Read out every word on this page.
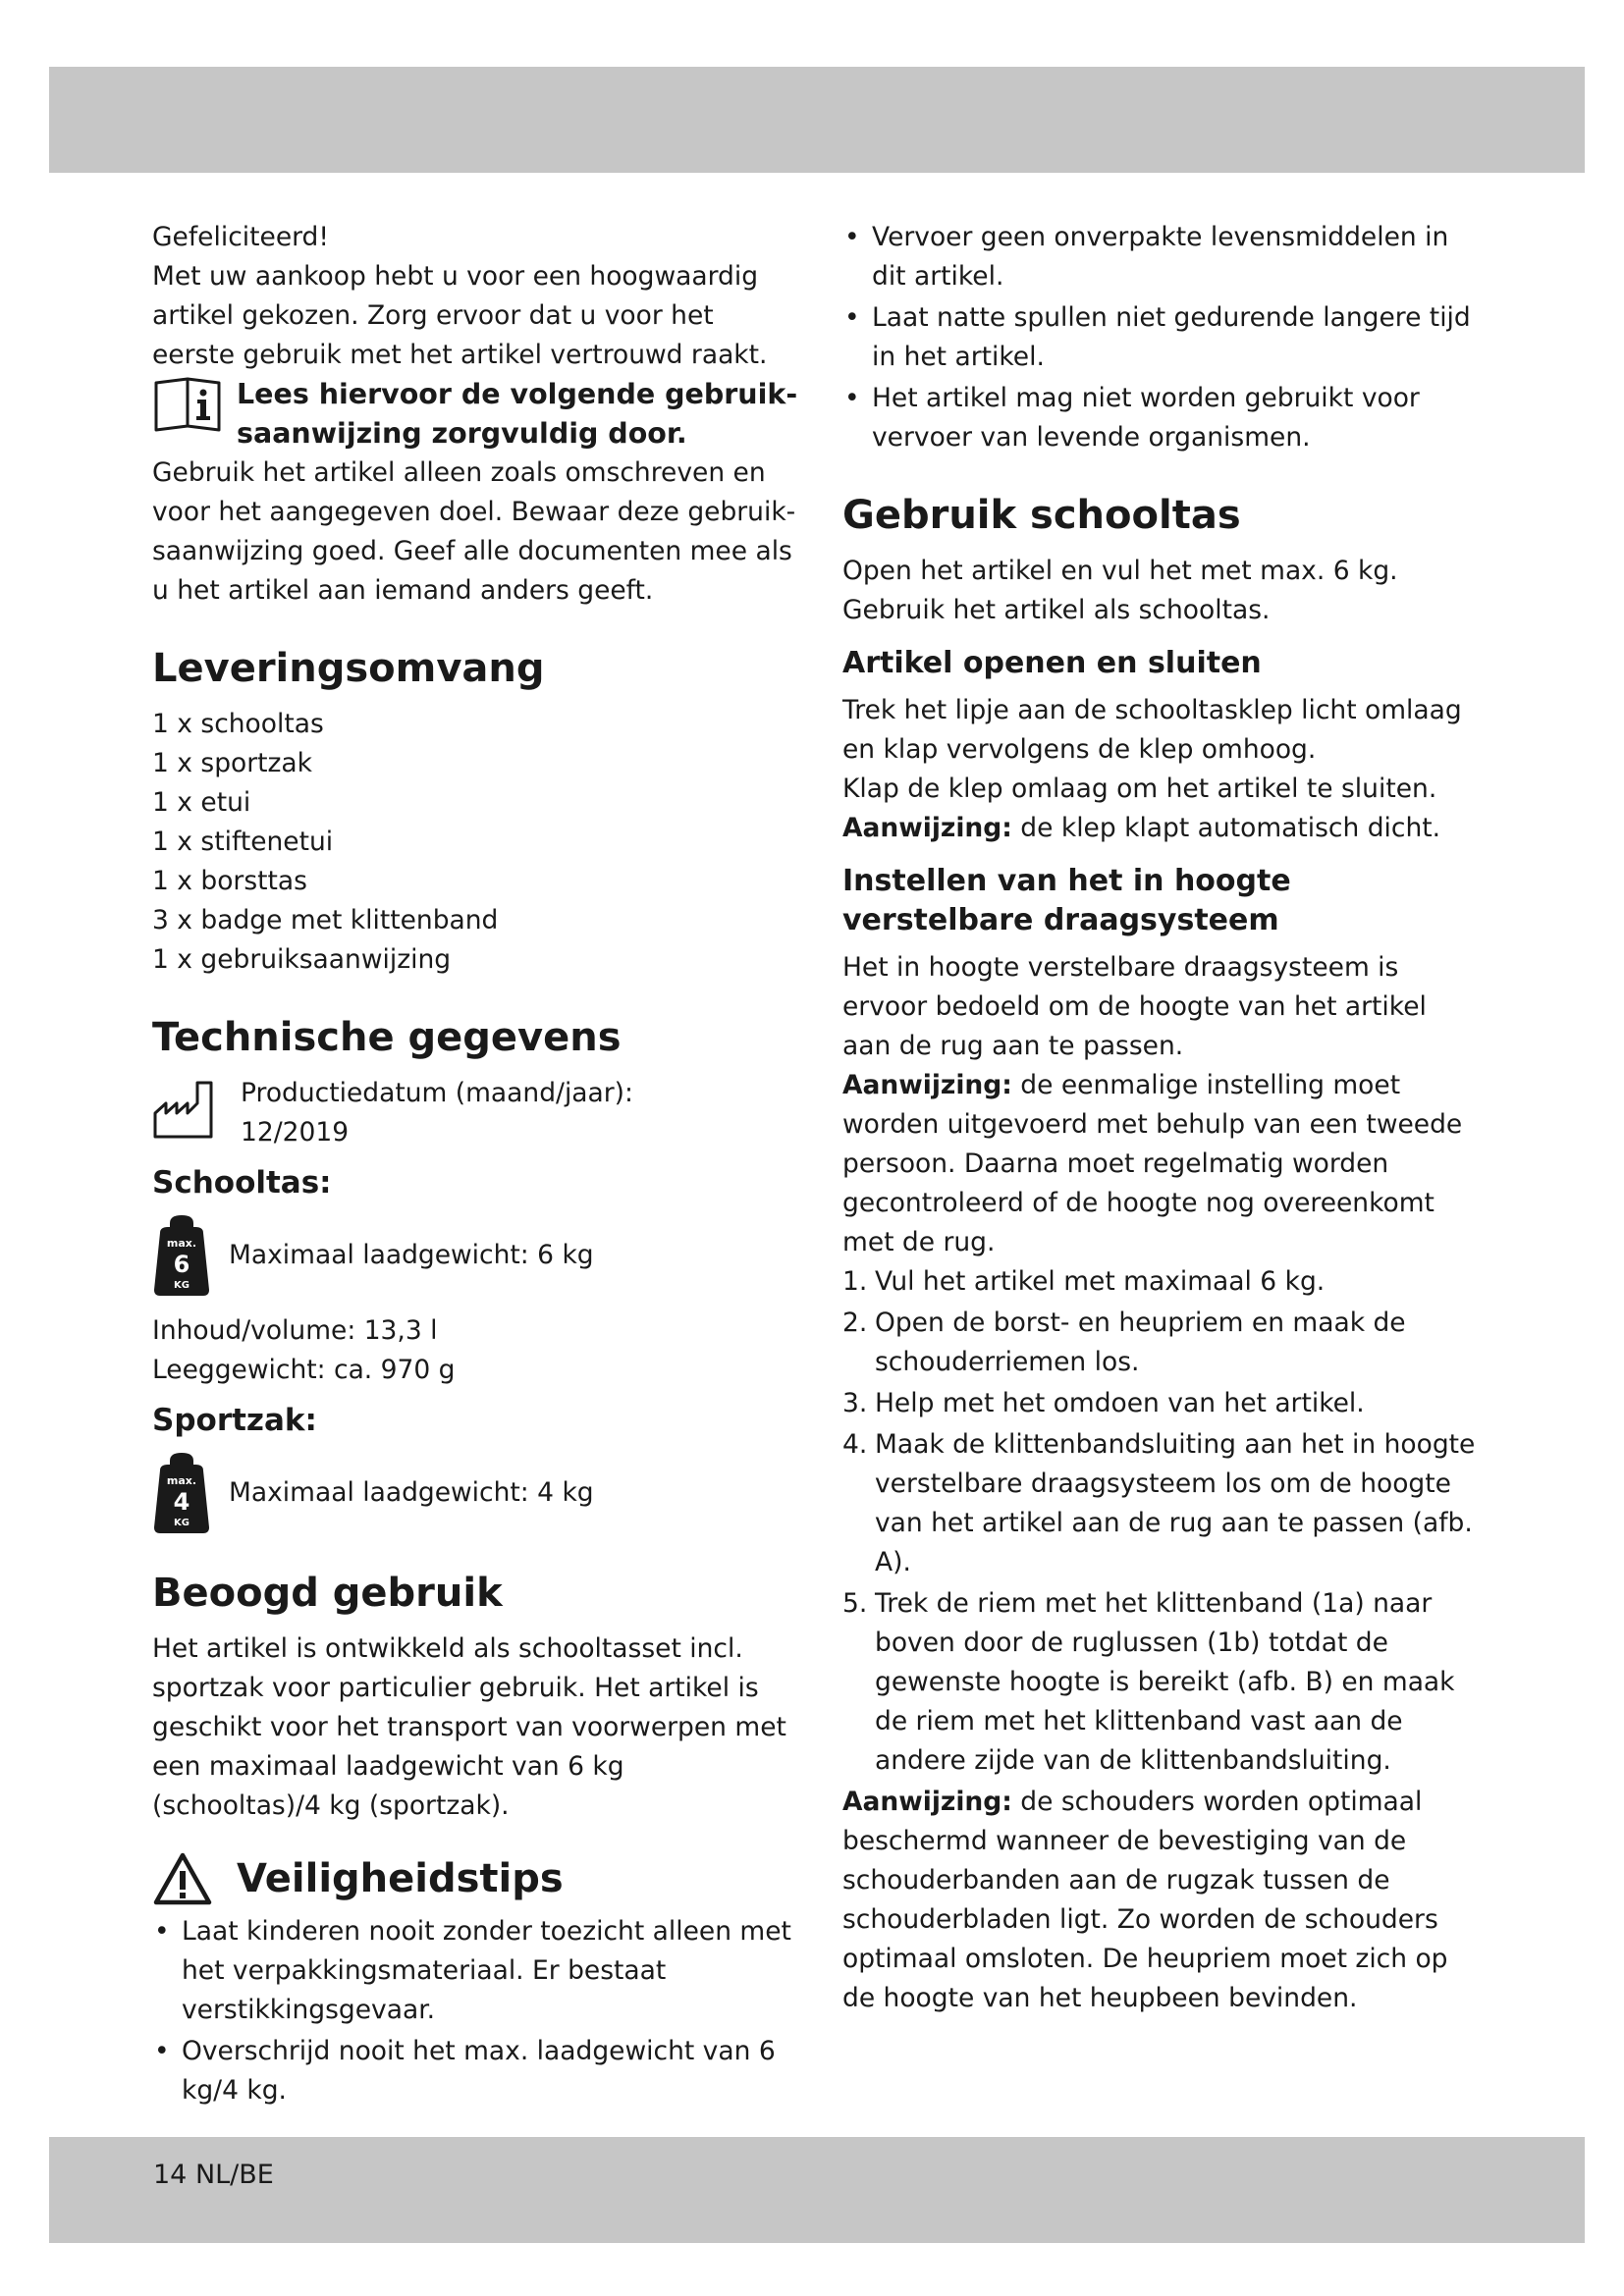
Gefeliciteerd!

Met uw aankoop hebt u voor een hoogwaardig artikel gekozen. Zorg ervoor dat u voor het eerste gebruik met het artikel vertrouwd raakt.

Lees hiervoor de volgende gebruik-saanwijzing zorgvuldig door.

Gebruik het artikel alleen zoals omschreven en voor het aangegeven doel. Bewaar deze gebruik-saanwijzing goed. Geef alle documenten mee als u het artikel aan iemand anders geeft.

Leveringsomvang
1 x schooltas
1 x sportzak
1 x etui
1 x stiftenetui
1 x borsttas
3 x badge met klittenband
1 x gebruiksaanwijzing
Technische gegevens
Productiedatum (maand/jaar):
12/2019
Schooltas:
max.
6
KG
Maximaal laadgewicht: 6 kg

Inhoud/volume: 13,3 l

Leeggewicht: ca. 970 g

Sportzak:
max.
4
KG
Maximaal laadgewicht: 4 kg
Beoogd gebruik

Het artikel is ontwikkeld als schooltasset incl. sportzak voor particulier gebruik. Het artikel is geschikt voor het transport van voorwerpen met een maximaal laadgewicht van 6 kg (schooltas)/4 kg (sportzak).

Veiligheidstips
• Laat kinderen nooit zonder toezicht alleen met het verpakkingsmateriaal. Er bestaat verstikkingsgevaar.
• Overschrijd nooit het max. laadgewicht van 6 kg/4 kg.
• Vervoer geen onverpakte levensmiddelen in dit artikel.
• Laat natte spullen niet gedurende langere tijd in het artikel.
• Het artikel mag niet worden gebruikt voor vervoer van levende organismen.
Gebruik schooltas

Open het artikel en vul het met max. 6 kg. Gebruik het artikel als schooltas.

Artikel openen en sluiten

Trek het lipje aan de schooltasklep licht omlaag en klap vervolgens de klep omhoog.

Klap de klep omlaag om het artikel te sluiten.

Aanwijzing: de klep klapt automatisch dicht.

Instellen van het in hoogte verstelbare draagsysteem

Het in hoogte verstelbare draagsysteem is ervoor bedoeld om de hoogte van het artikel aan de rug aan te passen.

Aanwijzing: de eenmalige instelling moet worden uitgevoerd met behulp van een tweede persoon. Daarna moet regelmatig worden gecontroleerd of de hoogte nog overeenkomt met de rug.

1. Vul het artikel met maximaal 6 kg.
2. Open de borst- en heupriem en maak de schouderriemen los.
3. Help met het omdoen van het artikel.
4. Maak de klittenbandsluiting aan het in hoogte verstelbare draagsysteem los om de hoogte van het artikel aan de rug aan te passen (afb. A).
5. Trek de riem met het klittenband (1a) naar boven door de ruglussen (1b) totdat de gewenste hoogte is bereikt (afb. B) en maak de riem met het klittenband vast aan de andere zijde van de klittenbandsluiting.

Aanwijzing: de schouders worden optimaal beschermd wanneer de bevestiging van de schouderbanden aan de rugzak tussen de schouderbladen ligt. Zo worden de schouders optimaal omsloten. De heupriem moet zich op de hoogte van het heupbeen bevinden.

14 NL/BE
